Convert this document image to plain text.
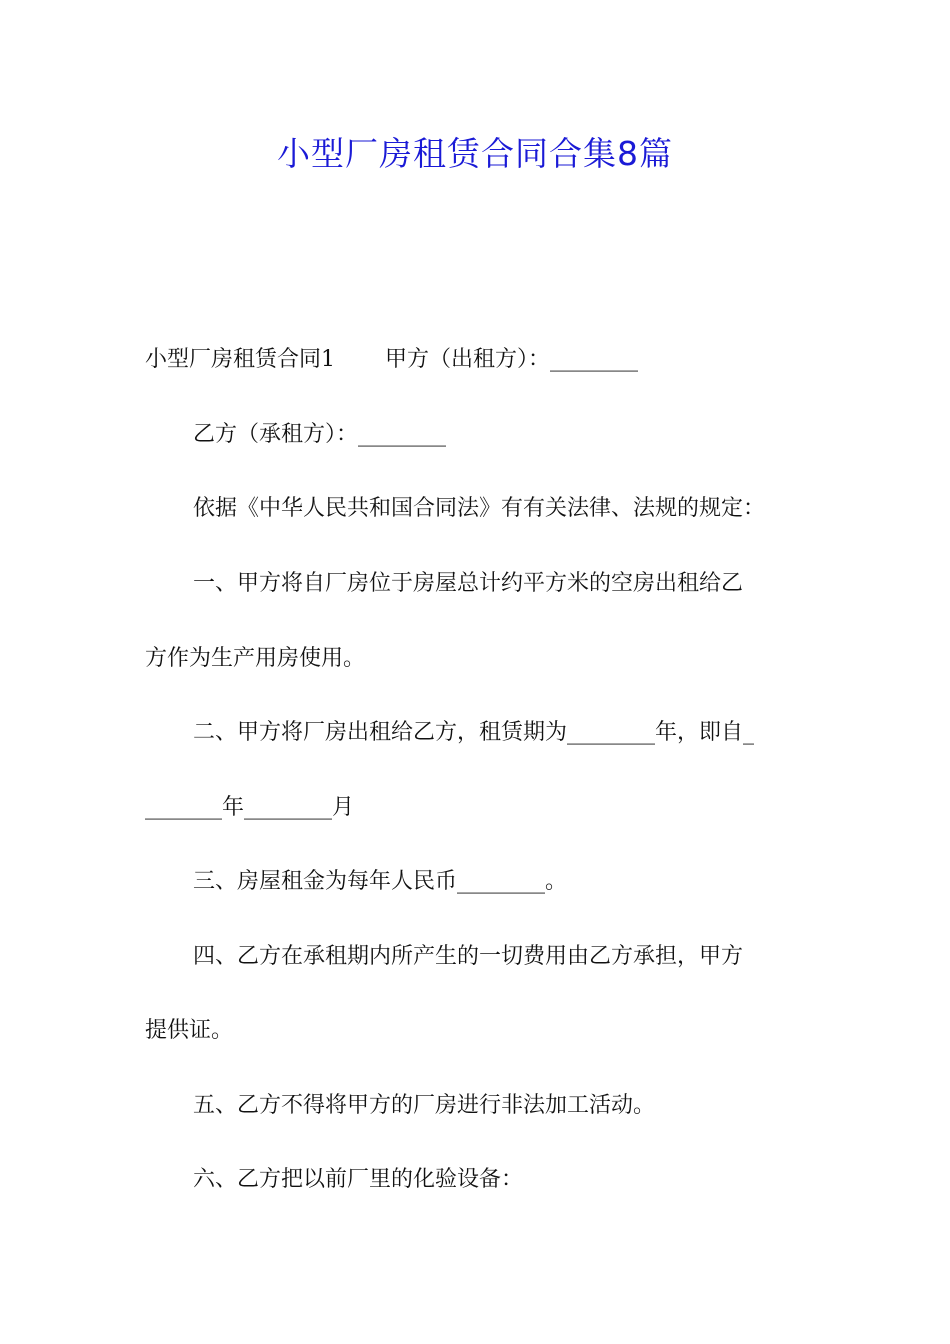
小型厂房租赁合同合集8篇

小型厂房租赁合同1 甲方（出租方）：________

乙方（承租方）：________

依据《中华人民共和国合同法》有有关法律、法规的规定：

一、甲方将自厂房位于房屋总计约平方米的空房出租给乙

方作为生产用房使用。

二、甲方将厂房出租给乙方，租赁期为________年，即自_

_______年________月

三、房屋租金为每年人民币________。

四、乙方在承租期内所产生的一切费用由乙方承担，甲方

提供证。

五、乙方不得将甲方的厂房进行非法加工活动。

六、乙方把以前厂里的化验设备：
